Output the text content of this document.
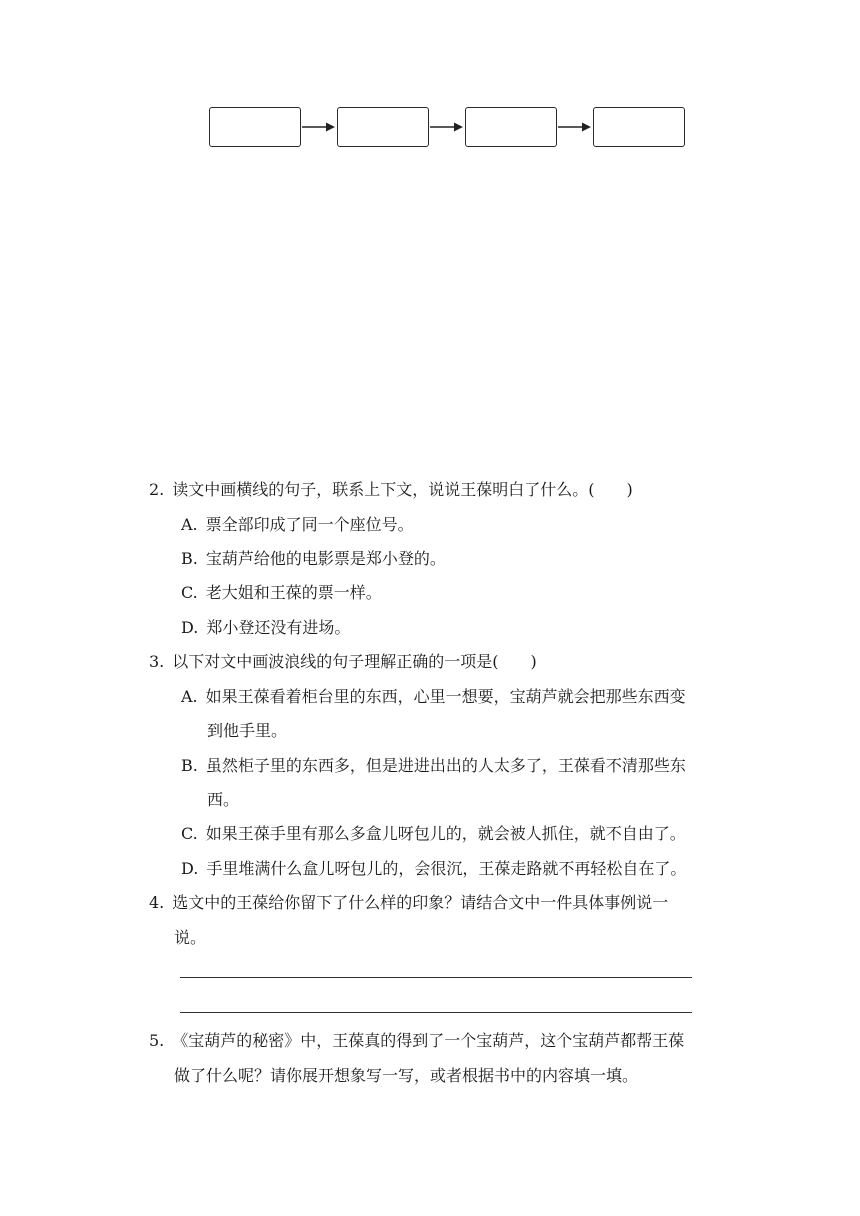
2. 读文中画横线的句子，联系上下文，说说王葆明白了什么。(　　)
A. 票全部印成了同一个座位号。
B. 宝葫芦给他的电影票是郑小登的。
C. 老大姐和王葆的票一样。
D. 郑小登还没有进场。
3. 以下对文中画波浪线的句子理解正确的一项是(　　)
A. 如果王葆看着柜台里的东西，心里一想要，宝葫芦就会把那些东西变
到他手里。
B. 虽然柜子里的东西多，但是进进出出的人太多了，王葆看不清那些东
西。
C. 如果王葆手里有那么多盒儿呀包儿的，就会被人抓住，就不自由了。
D. 手里堆满什么盒儿呀包儿的，会很沉，王葆走路就不再轻松自在了。
4. 选文中的王葆给你留下了什么样的印象？请结合文中一件具体事例说一
说。
5. 《宝葫芦的秘密》中，王葆真的得到了一个宝葫芦，这个宝葫芦都帮王葆
做了什么呢？请你展开想象写一写，或者根据书中的内容填一填。
